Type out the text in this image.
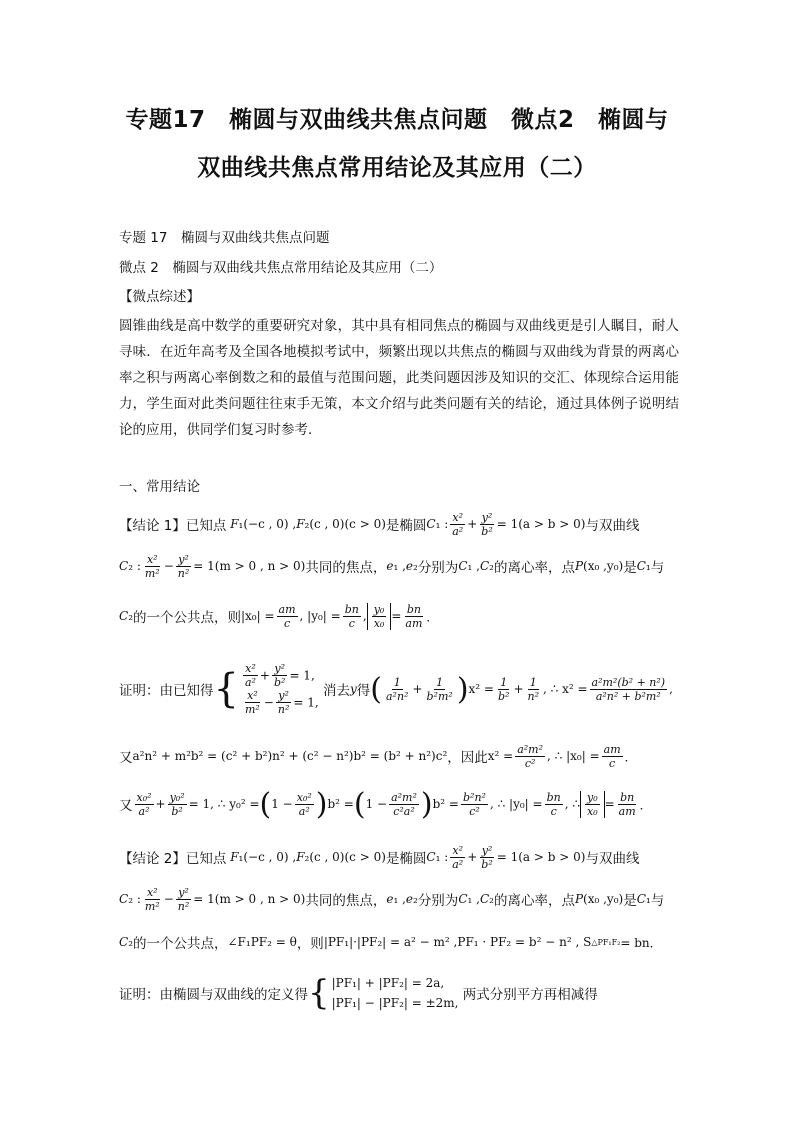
专题17　椭圆与双曲线共焦点问题　微点2　椭圆与
双曲线共焦点常用结论及其应用（二）
专题 17　椭圆与双曲线共焦点问题
微点 2　椭圆与双曲线共焦点常用结论及其应用（二）
【微点综述】
圆锥曲线是高中数学的重要研究对象，其中具有相同焦点的椭圆与双曲线更是引人瞩目，耐人寻味．在近年高考及全国各地模拟考试中，频繁出现以共焦点的椭圆与双曲线为背景的两离心率之积与两离心率倒数之和的最值与范围问题，此类问题因涉及知识的交汇、体现综合运用能力，学生面对此类问题往往束手无策，本文介绍与此类问题有关的结论，通过具体例子说明结论的应用，供同学们复习时参考．
一、常用结论
【结论 1】 已知点 F ₁(−c , 0) , F ₂(c , 0)(c > 0) 是椭圆 C ₁ : $\frac{\text{x²}}{\text{a²}} + \frac{\text{y²}}{\text{b²}} = 1(a > b > 0)$ 与双曲线
C ₂ : $\frac{\text{x²}}{\text{m²}} - \frac{\text{y²}}{\text{n²}} = 1(m > 0$ , n > 0) 共同的焦点， e ₁ , e ₂ 分别为 C ₁ , C ₂ 的离心率，点 P (x₀ ,y₀) 是 C ₁ 与
C ₂ 的一个公共点，则 $|x_0| = \frac{am}{c}$ , $|y_0| = \frac{bn}{c}$ , $\frac{\text{y₀}}{\text{x₀}} = \frac{bn}{am}$ ．
证明：由已知得 { $\frac{\text{x²}}{\text{a²}} + \frac{\text{y²}}{\text{b²}} = 1$,
$\frac{\text{x²}}{\text{m²}} - \frac{\text{y²}}{\text{n²}} = 1$,

消去 y 得 ( $\frac{1}{\text{a²n²}} + \frac{1}{\text{b²m²}}$ ) $x^2 = \frac{1}{\text{b²}} + \frac{1}{\text{n²}}$ , ∴ $x^2 = \frac{\text{a²m²(b² + n²)}}{\text{a²n² + b²m²}}$ ,
又 a²n² + m²b² = (c² + b²)n² + (c² − n²)b² = (b² + n²)c² ，因此 $x^2 = \frac{\text{a²m²}}{\text{c²}}$ , ∴ $|x_0| = \frac{am}{c}$ ．
又 $\frac{\text{x₀²}}{\text{a²}} + \frac{\text{y₀²}}{\text{b²}} = 1$, ∴ y₀² = ( $1 - \frac{\text{x₀²}}{\text{a²}}$ ) b² = ( $1 - \frac{\text{a²m²}}{\text{c²a²}}$ ) $b^2 = \frac{\text{b²n²}}{\text{c²}}$ , ∴ $|y_0| = \frac{bn}{c}$ , ∴ $\frac{\text{y₀}}{\text{x₀}} = \frac{bn}{am}$ ．
【结论 2】 已知点 F ₁(−c , 0) , F ₂(c , 0)(c > 0) 是椭圆 C ₁ : $\frac{\text{x²}}{\text{a²}} + \frac{\text{y²}}{\text{b²}} = 1(a > b > 0)$ 与双曲线
C ₂ : $\frac{\text{x²}}{\text{m²}} - \frac{\text{y²}}{\text{n²}} = 1(m > 0$ , n > 0) 共同的焦点， e ₁ , e ₂ 分别为 C ₁ , C ₂ 的离心率，点 P (x₀ ,y₀) 是 C ₁ 与
C ₂ 的一个公共点， ∠F₁PF₂ = θ ，则 |PF₁|·|PF₂| = a² − m² , PF₁ · PF₂ = b² − n² , S △PF₁F₂ = bn．
证明：由椭圆与双曲线的定义得 { |PF₁| + |PF₂| = 2a,
|PF₁| − |PF₂| = ±2m,
两式分别平方再相减得
